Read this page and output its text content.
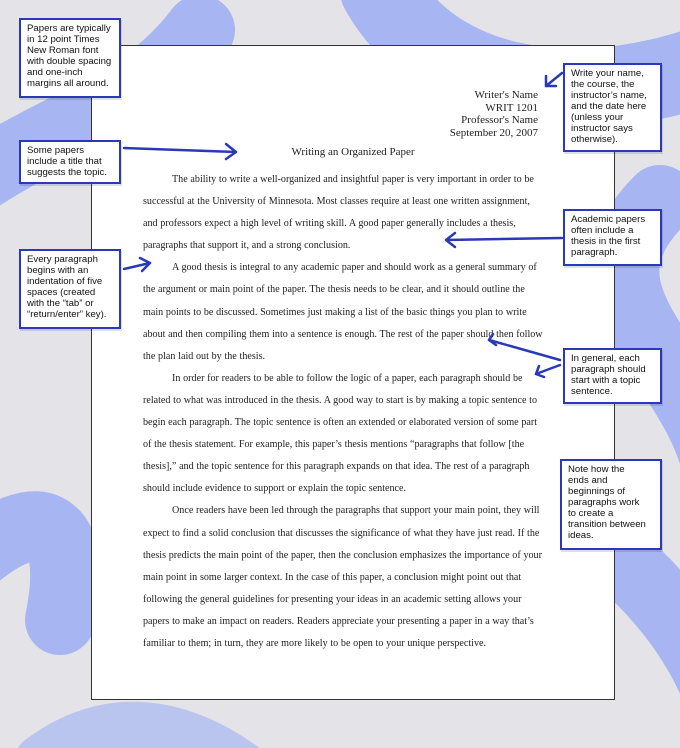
Writer's Name
WRIT 1201
Professor's Name
September 20, 2007
Writing an Organized Paper

The ability to write a well-organized and insightful paper is very important in order to be successful at the University of Minnesota. Most classes require at least one written assignment, and professors expect a high level of writing skill. A good paper generally includes a thesis, paragraphs that support it, and a strong conclusion.

A good thesis is integral to any academic paper and should work as a general summary of the argument or main point of the paper. The thesis needs to be clear, and it should outline the main points to be discussed. Sometimes just making a list of the basic things you plan to write about and then compiling them into a sentence is enough. The rest of the paper should then follow the plan laid out by the thesis.

In order for readers to be able to follow the logic of a paper, each paragraph should be related to what was introduced in the thesis. A good way to start is by making a topic sentence to begin each paragraph. The topic sentence is often an extended or elaborated version of some part of the thesis statement. For example, this paper’s thesis mentions “paragraphs that follow [the thesis],” and the topic sentence for this paragraph expands on that idea. The rest of a paragraph should include evidence to support or explain the topic sentence.

Once readers have been led through the paragraphs that support your main point, they will expect to find a solid conclusion that discusses the significance of what they have just read. If the thesis predicts the main point of the paper, then the conclusion emphasizes the importance of your main point in some larger context. In the case of this paper, a conclusion might point out that following the general guidelines for presenting your ideas in an academic setting allows your papers to make an impact on readers. Readers appreciate your presenting a paper in a way that’s familiar to them; in turn, they are more likely to be open to your unique perspective.

Papers are typically
in 12 point Times
New Roman font
with double spacing
and one-inch
margins all around.
Some papers
include a title that
suggests the topic.
Every paragraph
begins with an
indentation of five
spaces (created
with the “tab” or
“return/enter” key).
Write your name,
the course, the
instructor’s name,
and the date here
(unless your
instructor says
otherwise).
Academic papers
often include a
thesis in the first
paragraph.
In general, each
paragraph should
start with a topic
sentence.
Note how the
ends and
beginnings of
paragraphs work
to create a
transition between
ideas.
